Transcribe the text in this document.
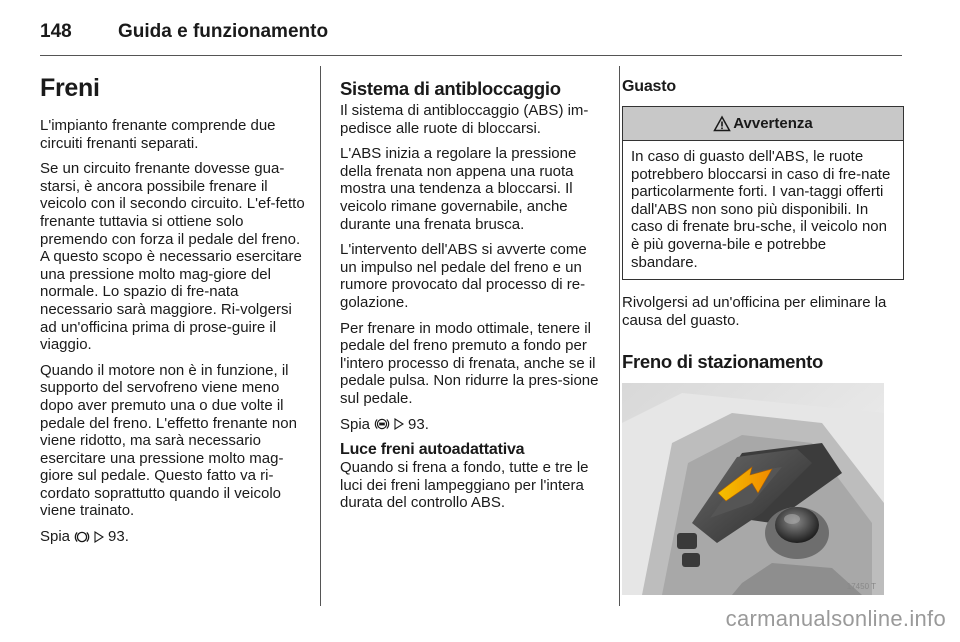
148	Guida e funzionamento
Freni

L'impianto frenante comprende due circuiti frenanti separati.

Se un circuito frenante dovesse gua-starsi, è ancora possibile frenare il veicolo con il secondo circuito. L'ef-fetto frenante tuttavia si ottiene solo premendo con forza il pedale del freno. A questo scopo è necessario esercitare una pressione molto mag-giore del normale. Lo spazio di fre-nata necessario sarà maggiore. Ri-volgersi ad un'officina prima di prose-guire il viaggio.

Quando il motore non è in funzione, il supporto del servofreno viene meno dopo aver premuto una o due volte il pedale del freno. L'effetto frenante non viene ridotto, ma sarà necessario esercitare una pressione molto mag-giore sul pedale. Questo fatto va ri-cordato soprattutto quando il veicolo viene trainato.

Spia	93.
Sistema di antibloccaggio

Il sistema di antibloccaggio (ABS) im-pedisce alle ruote di bloccarsi.

L'ABS inizia a regolare la pressione della frenata non appena una ruota mostra una tendenza a bloccarsi. Il veicolo rimane governabile, anche durante una frenata brusca.

L'intervento dell'ABS si avverte come un impulso nel pedale del freno e un rumore provocato dal processo di re-golazione.

Per frenare in modo ottimale, tenere il pedale del freno premuto a fondo per l'intero processo di frenata, anche se il pedale pulsa. Non ridurre la pres-sione sul pedale.

Spia	93.
Luce freni autoadattativa

Quando si frena a fondo, tutte e tre le luci dei freni lampeggiano per l'intera durata del controllo ABS.

Guasto
Avvertenza

In caso di guasto dell'ABS, le ruote potrebbero bloccarsi in caso di fre-nate particolarmente forti. I van-taggi offerti dall'ABS non sono più disponibili. In caso di frenate bru-sche, il veicolo non è più governa-bile e potrebbe sbandare.

Rivolgersi ad un'officina per eliminare la causa del guasto.

Freno di stazionamento
17450 T
carmanualsonline.info
